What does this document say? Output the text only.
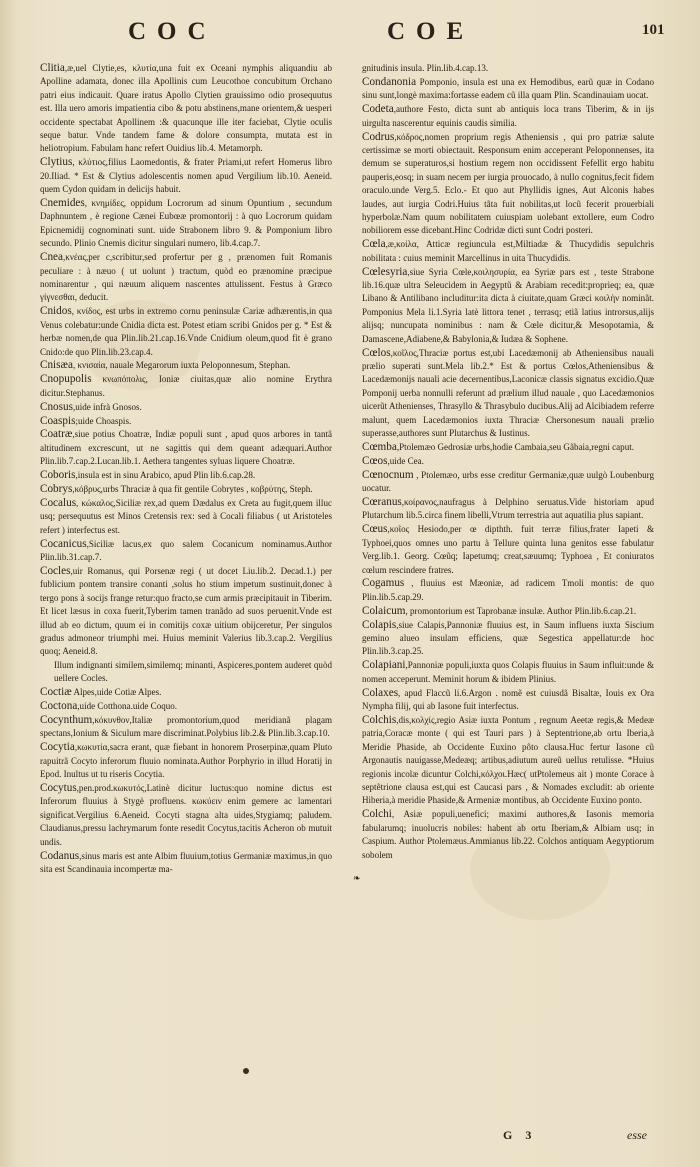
COC	COE	101

Clitia,æ,uel Clytie,es, κλυτία,una fuit ex Oceani nymphis aliquandiu ab Apolline adamata, donec illa Apollinis cum Leucothoe concubitum Orchano patri eius indicauit. Quare iratus Apollo Clytien grauissimo odio prosequutus est. Illa uero amoris impatientia cibo & potu abstinens,mane orientem,& uesperi occidente spectabat Apollinem :& quacunque ille iter faciebat, Clytie oculis seque batur. Vnde tandem fame & dolore consumpta, mutata est in heliotropium. Fabulam hanc refert Ouidius lib.4. Metamorph.

Clytius, κλύτιος,filius Laomedontis, & frater Priami,ut refert Homerus libro 20.Iliad. * Est & Clytius adolescentis nomen apud Vergilium lib.10. Aeneid. quem Cydon quidam in delicijs habuit.

Cnemides, κνημίδες, oppidum Locrorum ad sinum Opuntium , secundum Daphnuntem , è regione Cænei Eubœæ promontorij : à quo Locrorum quidam Epicnemidij cognominati sunt. uide Strabonem libro 9. & Pomponium libro secundo. Plinio Cnemis dicitur singulari numero, lib.4.cap.7.

Cnea,κνέας,per c,scribitur,sed profertur per g , prænomen fuit Romanis peculiare : à næuo ( ut uolunt ) tractum, quòd eo prænomine præcipue nominarentur , qui næuum aliquem nascentes attulissent. Festus à Græco γίγνεσθαι, deducit.

Cnidos, κνίδος, est urbs in extremo cornu peninsulæ Cariæ adhærentis,in qua Venus colebatur:unde Cnidia dicta est. Potest etiam scribi Gnidos per g. * Est & herbæ nomen,de qua Plin.lib.21.cap.16.Vnde Cnidium oleum,quod fit è grano Cnido:de quo Plin.lib.23.cap.4.

Cnisæa, κνισαία, nauale Megarorum iuxta Peloponnesum, Stephan.

Cnopupolis κνωπόπολις, Ioniæ ciuitas,quæ alio nomine Erythra dicitur.Stephanus.

Cnosus,uide infrà Gnosos.

Coaspis;uide Choaspis.

Coatræ,siue potius Choatræ, Indiæ populi sunt , apud quos arbores in tantã altitudinem excrescunt, ut ne sagittis qui dem queant adæquari.Author Plin.lib.7.cap.2.Lucan.lib.1. Aethera tangentes syluas liquere Choatræ.

Coboris,insula est in sinu Arabico, apud Plin lib.6.cap.28.

Cobrys,κόβρυς,urbs Thraciæ à qua fit gentile Cobrytes , κοβρύτης, Steph.

Cocalus, κώκαλος,Siciliæ rex,ad quem Dædalus ex Creta au fugit,quem illuc usq; persequutus est Minos Cretensis rex: sed à Cocali filiabus ( ut Aristoteles refert ) interfectus est.

Cocanicus,Siciliæ lacus,ex quo salem Cocanicum nominamus.Author Plin.lib.31.cap.7.

Cocles,uir Romanus, qui Porsenæ regi ( ut docet Liu.lib.2. Decad.1.) per fublicium pontem transire conanti ,solus ho stium impetum sustinuit,donec à tergo pons à socijs frange retur:quo fracto,se cum armis præcipitauit in Tiberim. Et licet læsus in coxa fuerit,Tyberim tamen tranãdo ad suos peruenit.Vnde est illud ab eo dictum, quum ei in comitijs coxæ uitium obijceretur, Per singulos gradus admoneor triumphi mei. Huius meminit Valerius lib.3.cap.2. Vergilius quoq; Aeneid.8.
Illum indignanti similem,similemq; minanti, Aspiceres,pontem auderet quòd uellere Cocles.

Coctiæ Alpes,uide Cotiæ Alpes.

Coctona,uide Cotthona.uide Coquo.

Cocynthum,κόκυνθον,Italiæ promontorium,quod meridianã plagam spectans,Ionium & Siculum mare discriminat.Polybius lib.2.& Plin.lib.3.cap.10.

Cocytia,κωκυτία,sacra erant, quæ fiebant in honorem Proserpinæ,quam Pluto rapuitrã Cocyto inferorum fluuio nominata.Author Porphyrio in illud Horatij in Epod. Inultus ut tu riseris Cocytia.

Cocytus,pen.prod.κωκυτός,Latinè dicitur luctus:quo nomine dictus est Inferorum fluuius à Stygè profluens. κωκύειν enim gemere ac lamentari significat.Vergilius 6.Aeneid. Cocyti stagna alta uides,Stygiamq; paludem. Claudianus,pressu lachrymarum fonte resedit Cocytus,tacitis Acheron ob mutuit undis.

Codanus,sinus maris est ante Albim fluuium,totius Germaniæ maximus,in quo sita est Scandinauia incompertæ ma-

gnitudinis insula. Plin.lib.4.cap.13.

Condanonia Pomponio, insula est una ex Hemodibus, earũ quæ in Codano sinu sunt,longè maxima:fortasse eadem cũ illa quam Plin. Scandinauiam uocat.

Codeta,authore Festo, dicta sunt ab antiquis loca trans Tiberim, & in ijs uirgulta nascerentur equinis caudis similia.

Codrus,κόδρος,nomen proprium regis Atheniensis , qui pro patriæ salute certissimæ se morti obiectauit. Responsum enim acceperant Peloponnenses, ita demum se superaturos,si hostium regem non occidissent Fefellit ergo habitu pauperis,eosq; in suam necem per iurgia prouocado, à nullo cognitus,fecit fidem oraculo.unde Verg.5. Eclo.- Et quo aut Phyllidis ignes, Aut Alconis habes laudes, aut iurgia Codri.Huius tãta fuit nobilitas,ut locũ fecerit prouerbiali hyperbolæ.Nam quum nobilitatem cuiuspiam uolebant extollere, eum Codro nobiliorem esse dicebant.Hinc Codridæ dicti sunt Codri posteri.

Cœla,æ,κοίλα, Atticæ regiuncula est,Miltiadæ & Thucydidis sepulchris nobilitata : cuius meminit Marcellinus in uita Thucydidis.

Cœlesyria,siue Syria Cœle,κοιλησυρία, ea Syriæ pars est , teste Strabone lib.16.quæ ultra Seleucidem in Aegyptũ & Arabiam recedit:proprieq; ea, quæ Libano & Antilibano includitur:ita dicta à ciuitate,quam Græci κοιλὴν nominãt. Pomponius Mela li.1.Syria latè littora tenet , terrasq; etiã latius introrsus,alijs alijsq; nuncupata nominibus : nam & Cœle dicitur,& Mesopotamia, & Damascene,Adiabene,& Babylonia,& Iudæa & Sophene.

Cœlos,κοῖλος,Thraciæ portus est,ubi Lacedæmonij ab Atheniensibus nauali prælio superati sunt.Mela lib.2.* Est & portus Cœlos,Atheniensibus & Lacedæmonijs nauali acie decernentibus,Laconicæ classis signatus excidio.Quæ Pomponij uerba nonnulli referunt ad prælium illud nauale , quo Lacedæmonios uicerũt Athenienses, Thrasyllo & Thrasybulo ducibus.Alij ad Alcibiadem referre malunt, quem Lacedæmonios iuxta Thraciæ Chersonesum nauali prælio superasse,authores sunt Plutarchus & Iustinus.

Cœmba,Ptolemæo Gedrosiæ urbs,hodie Cambaia,seu Gãbaia,regni caput.

Cœos,uide Cea.

Cœnocnum , Ptolemæo, urbs esse creditur Germaniæ,quæ uulgò Loubenburg uocatur.

Cœranus,κοίρανος,naufragus à Delphino seruatus.Vide historiam apud Plutarchum lib.5.circa finem libelli,Vtrum terrestria aut aquatilia plus sapiant.

Cœus,κοῖος Hesiodo,per œ dipthth. fuit terræ filius,frater Iapeti & Typhoei,quos omnes uno partu à Tellure quinta luna genitos esse fabulatur Verg.lib.1. Georg. Cœũq; Iapetumq; creat,sæuumq; Typhoea , Et coniuratos cœlum rescindere fratres.

Cogamus , fluuius est Mæoniæ, ad radicem Tmoli montis: de quo Plin.lib.5.cap.29.

Colaicum, promontorium est Taprobanæ insulæ. Author Plin.lib.6.cap.21.

Colapis,siue Calapis,Pannoniæ fluuius est, in Saum influens iuxta Siscium gemino alueo insulam efficiens, quæ Segestica appellatur:de hoc Plin.lib.3.cap.25.

Colapiani,Pannoniæ populi,iuxta quos Colapis fluuius in Saum influit:unde & nomen acceperunt. Meminit horum & ibidem Plinius.

Colaxes, apud Flaccũ li.6.Argon . nomẽ est cuiusdã Bisaltæ, Iouis ex Ora Nympha filij, qui ab Iasone fuit interfectus.

Colchis,dis,κολχίς,regio Asiæ iuxta Pontum , regnum Aeetæ regis,& Medeæ patria,Coracæ monte ( qui est Tauri pars ) à Septentrione,ab ortu Iberia,à Meridie Phaside, ab Occidente Euxino pôto clausa.Huc fertur Iasone cũ Argonautis nauigasse,Medeæq; artibus,adiutum aureũ uellus retulisse. *Huius regionis incolæ dicuntur Colchi,κόλχοι.Hæc( utPtolemeus ait ) monte Corace à septẽtrione clausa est,qui est Caucasi pars , & Nomades excludit: ab oriente Hiberia,à meridie Phaside,& Armeniæ montibus, ab Occidente Euxino ponto.

Colchi, Asiæ populi,uenefici; maximi authores,& Iasonis memoria fabularumq; inuolucris nobiles: habent ab ortu Iberiam,& Albiam usq; in Caspium. Author Ptolemæus.Ammianus lib.22. Colchos antiquam Aegyptiorum sobolem

❧
G 3	esse
